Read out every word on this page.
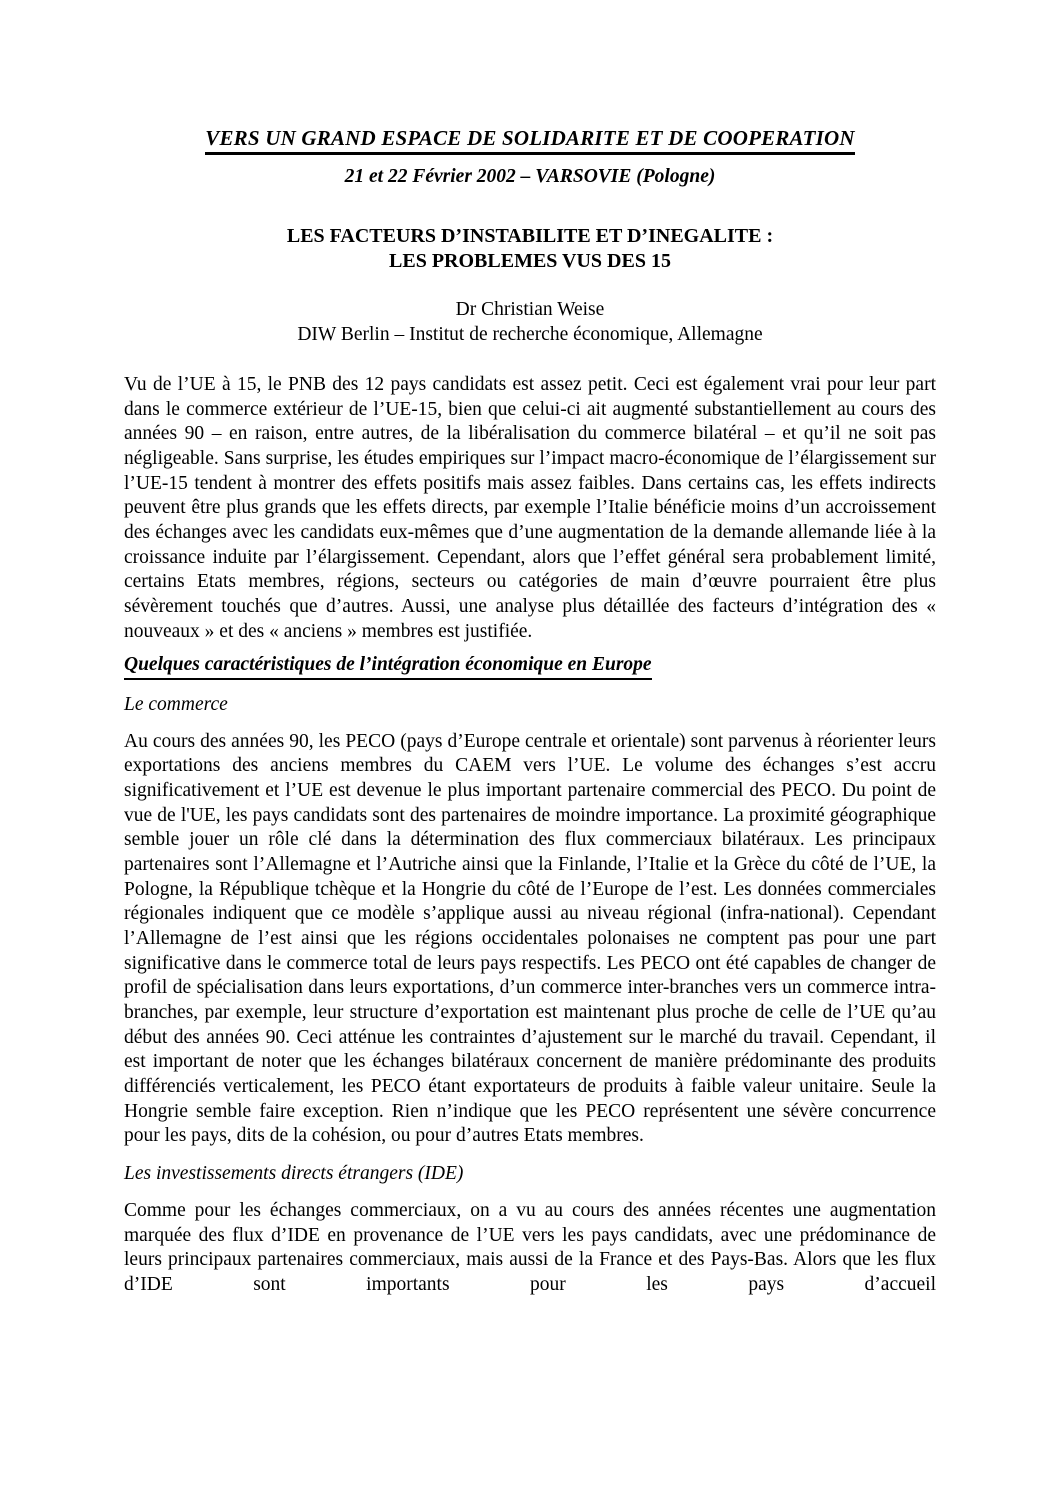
VERS UN GRAND ESPACE DE SOLIDARITE ET DE COOPERATION
21 et 22 Février 2002 – VARSOVIE (Pologne)
LES FACTEURS D’INSTABILITE ET D’INEGALITE :
LES PROBLEMES VUS DES 15
Dr Christian Weise
DIW Berlin – Institut de recherche économique, Allemagne

Vu de l’UE à 15, le PNB des 12 pays candidats est assez petit. Ceci est également vrai pour leur part dans le commerce extérieur de l’UE-15, bien que celui-ci ait augmenté substantiellement au cours des années 90 – en raison, entre autres, de la libéralisation du commerce bilatéral – et qu’il ne soit pas négligeable. Sans surprise, les études empiriques sur l’impact macro-économique de l’élargissement sur l’UE-15 tendent à montrer des effets positifs mais assez faibles. Dans certains cas, les effets indirects peuvent être plus grands que les effets directs, par exemple l’Italie bénéficie moins d’un accroissement des échanges avec les candidats eux-mêmes que d’une augmentation de la demande allemande liée à la croissance induite par l’élargissement. Cependant, alors que l’effet général sera probablement limité, certains Etats membres, régions, secteurs ou catégories de main d’œuvre pourraient être plus sévèrement touchés que d’autres. Aussi, une analyse plus détaillée des facteurs d’intégration des « nouveaux » et des « anciens » membres est justifiée.

Quelques caractéristiques de l’intégration économique en Europe
Le commerce

Au cours des années 90, les PECO (pays d’Europe centrale et orientale) sont parvenus à réorienter leurs exportations des anciens membres du CAEM vers l’UE. Le volume des échanges s’est accru significativement et l’UE est devenue le plus important partenaire commercial des PECO. Du point de vue de l'UE, les pays candidats sont des partenaires de moindre importance. La proximité géographique semble jouer un rôle clé dans la détermination des flux commerciaux bilatéraux. Les principaux partenaires sont l’Allemagne et l’Autriche ainsi que la Finlande, l’Italie et la Grèce du côté de l’UE, la Pologne, la République tchèque et la Hongrie du côté de l’Europe de l’est. Les données commerciales régionales indiquent que ce modèle s’applique aussi au niveau régional (infra-national). Cependant l’Allemagne de l’est ainsi que les régions occidentales polonaises ne comptent pas pour une part significative dans le commerce total de leurs pays respectifs. Les PECO ont été capables de changer de profil de spécialisation dans leurs exportations, d’un commerce inter-branches vers un commerce intra-branches, par exemple, leur structure d’exportation est maintenant plus proche de celle de l’UE qu’au début des années 90. Ceci atténue les contraintes d’ajustement sur le marché du travail. Cependant, il est important de noter que les échanges bilatéraux concernent de manière prédominante des produits différenciés verticalement, les PECO étant exportateurs de produits à faible valeur unitaire. Seule la Hongrie semble faire exception. Rien n’indique que les PECO représentent une sévère concurrence pour les pays, dits de la cohésion, ou pour d’autres Etats membres.

Les investissements directs étrangers (IDE)

Comme pour les échanges commerciaux, on a vu au cours des années récentes une augmentation marquée des flux d’IDE en provenance de l’UE vers les pays candidats, avec une prédominance de leurs principaux partenaires commerciaux, mais aussi de la France et des Pays-Bas. Alors que les flux d’IDE sont importants pour les pays d’accueil
